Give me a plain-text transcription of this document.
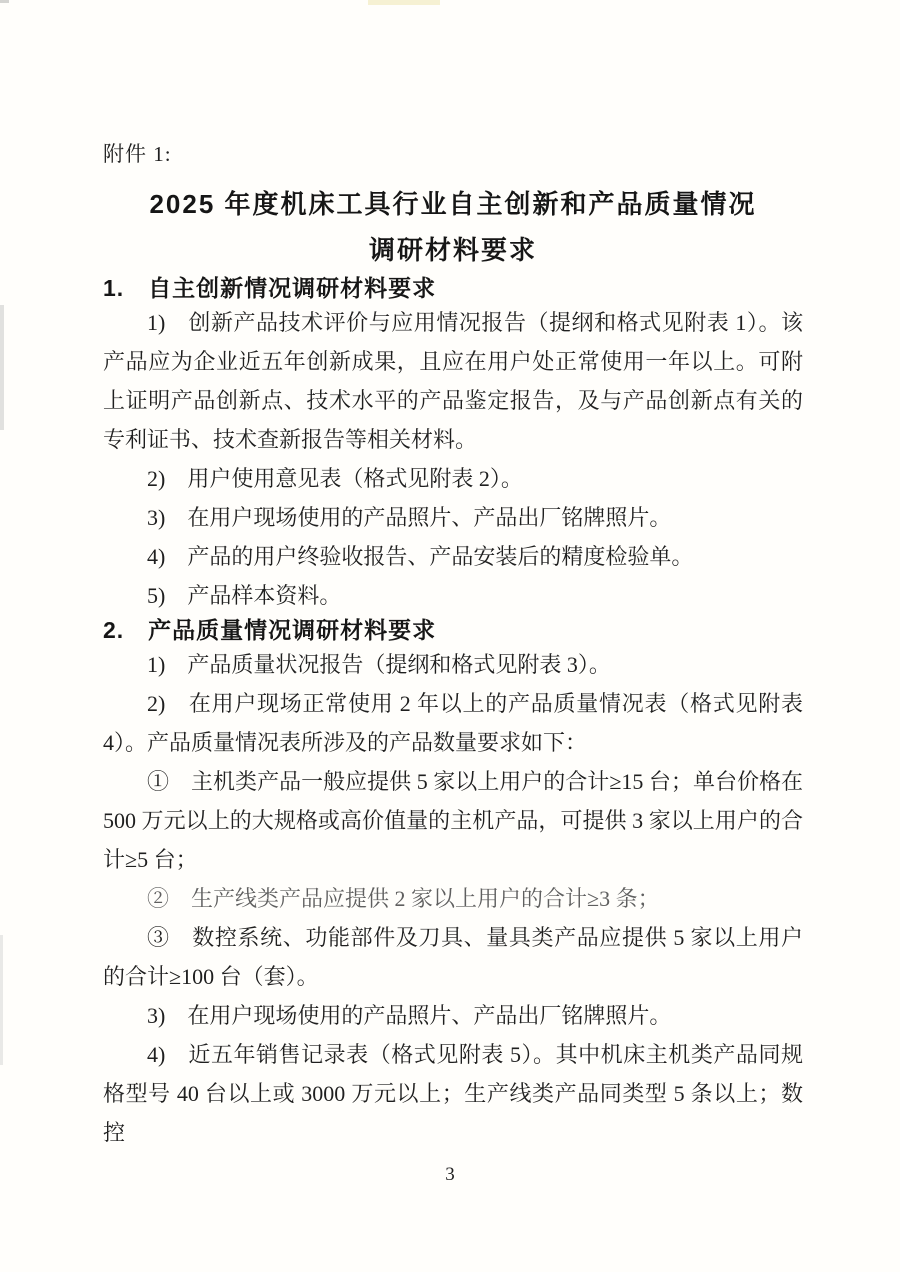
附件 1:
2025 年度机床工具行业自主创新和产品质量情况
调研材料要求
1.　自主创新情况调研材料要求

1)　创新产品技术评价与应用情况报告（提纲和格式见附表 1）。该产品应为企业近五年创新成果，且应在用户处正常使用一年以上。可附上证明产品创新点、技术水平的产品鉴定报告，及与产品创新点有关的专利证书、技术查新报告等相关材料。

2)　用户使用意见表（格式见附表 2）。

3)　在用户现场使用的产品照片、产品出厂铭牌照片。

4)　产品的用户终验收报告、产品安装后的精度检验单。

5)　产品样本资料。

2.　产品质量情况调研材料要求

1)　产品质量状况报告（提纲和格式见附表 3）。

2)　在用户现场正常使用 2 年以上的产品质量情况表（格式见附表 4）。产品质量情况表所涉及的产品数量要求如下：

①　主机类产品一般应提供 5 家以上用户的合计≥15 台；单台价格在 500 万元以上的大规格或高价值量的主机产品，可提供 3 家以上用户的合计≥5 台；

②　生产线类产品应提供 2 家以上用户的合计≥3 条；

③　数控系统、功能部件及刀具、量具类产品应提供 5 家以上用户的合计≥100 台（套）。

3)　在用户现场使用的产品照片、产品出厂铭牌照片。

4)　近五年销售记录表（格式见附表 5）。其中机床主机类产品同规格型号 40 台以上或 3000 万元以上；生产线类产品同类型 5 条以上；数控

3
